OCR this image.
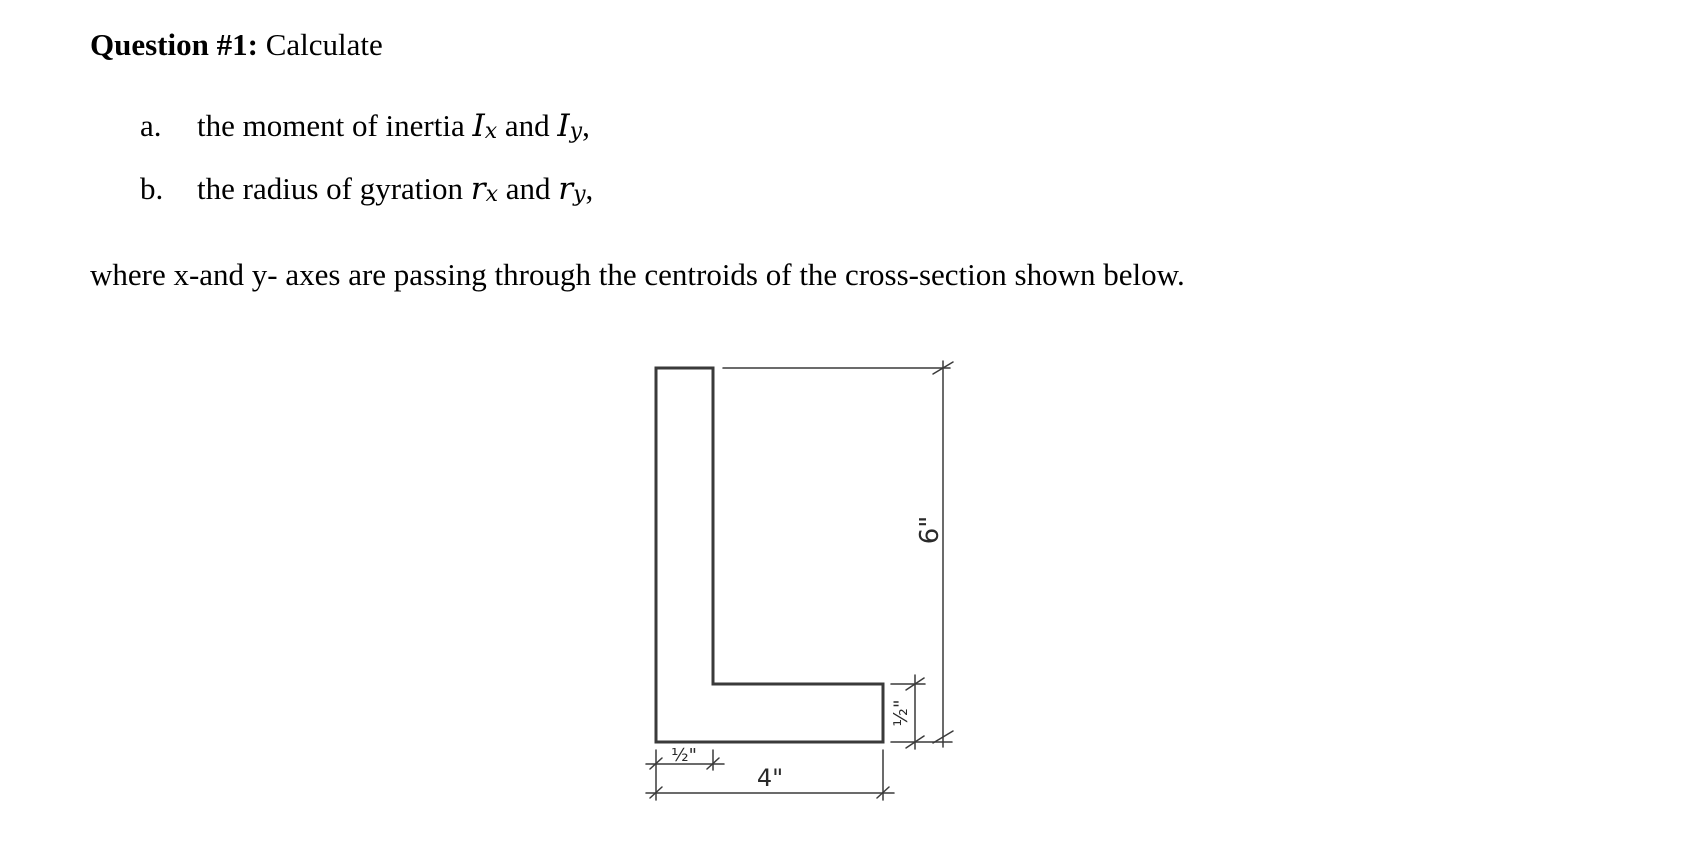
Question #1: Calculate
a. the moment of inertia $I_x$ and $I_y$,
b. the radius of gyration $r_x$ and $r_y$,
where x-and y- axes are passing through the centroids of the cross-section shown below.
6"
½"
½"
4"
